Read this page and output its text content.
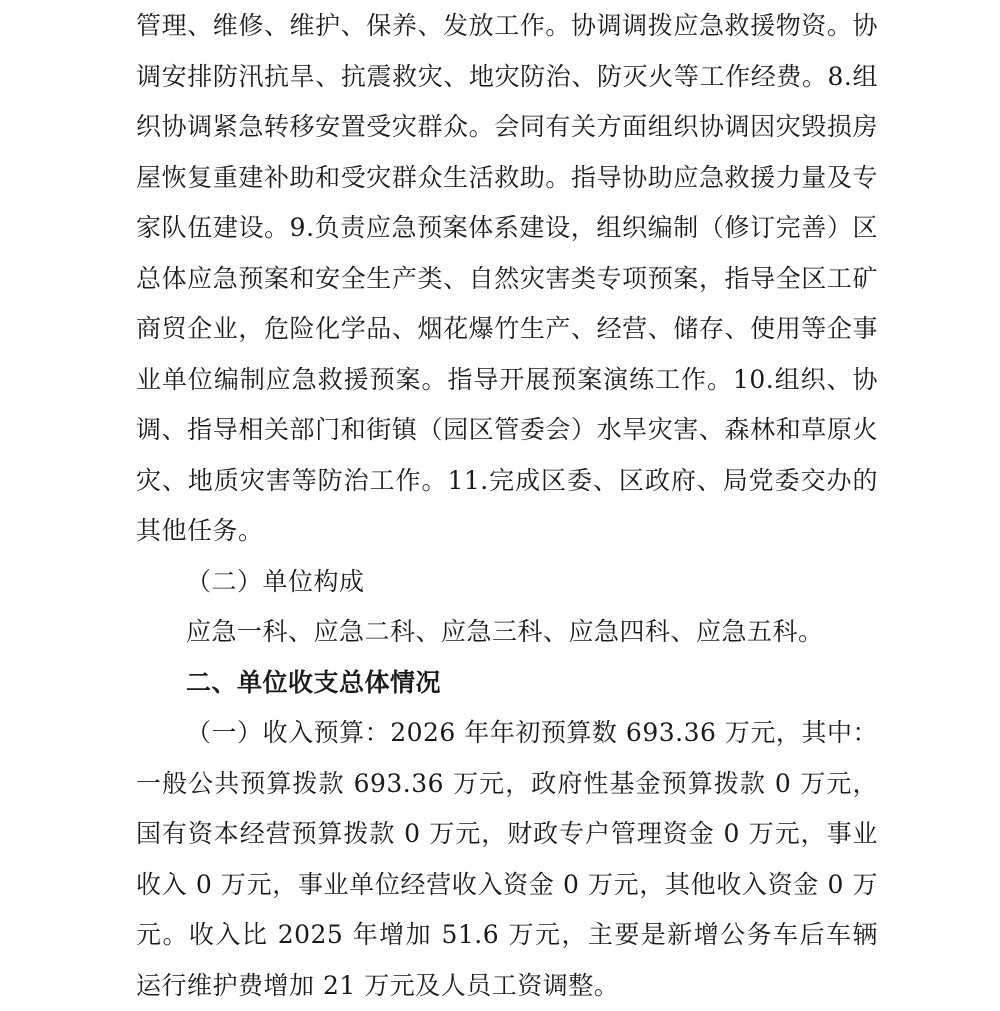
管理、维修、维护、保养、发放工作。协调调拨应急救援物资。协调安排防汛抗旱、抗震救灾、地灾防治、防灭火等工作经费。8.组织协调紧急转移安置受灾群众。会同有关方面组织协调因灾毁损房屋恢复重建补助和受灾群众生活救助。指导协助应急救援力量及专家队伍建设。9.负责应急预案体系建设，组织编制（修订完善）区总体应急预案和安全生产类、自然灾害类专项预案，指导全区工矿商贸企业，危险化学品、烟花爆竹生产、经营、储存、使用等企事业单位编制应急救援预案。指导开展预案演练工作。10.组织、协调、指导相关部门和街镇（园区管委会）水旱灾害、森林和草原火灾、地质灾害等防治工作。11.完成区委、区政府、局党委交办的其他任务。

（二）单位构成

应急一科、应急二科、应急三科、应急四科、应急五科。

二、单位收支总体情况

（一）收入预算：2026 年年初预算数 693.36 万元，其中：一般公共预算拨款 693.36 万元，政府性基金预算拨款 0 万元，国有资本经营预算拨款 0 万元，财政专户管理资金 0 万元，事业收入 0 万元，事业单位经营收入资金 0 万元，其他收入资金 0 万元。收入比 2025 年增加 51.6 万元，主要是新增公务车后车辆运行维护费增加 21 万元及人员工资调整。
